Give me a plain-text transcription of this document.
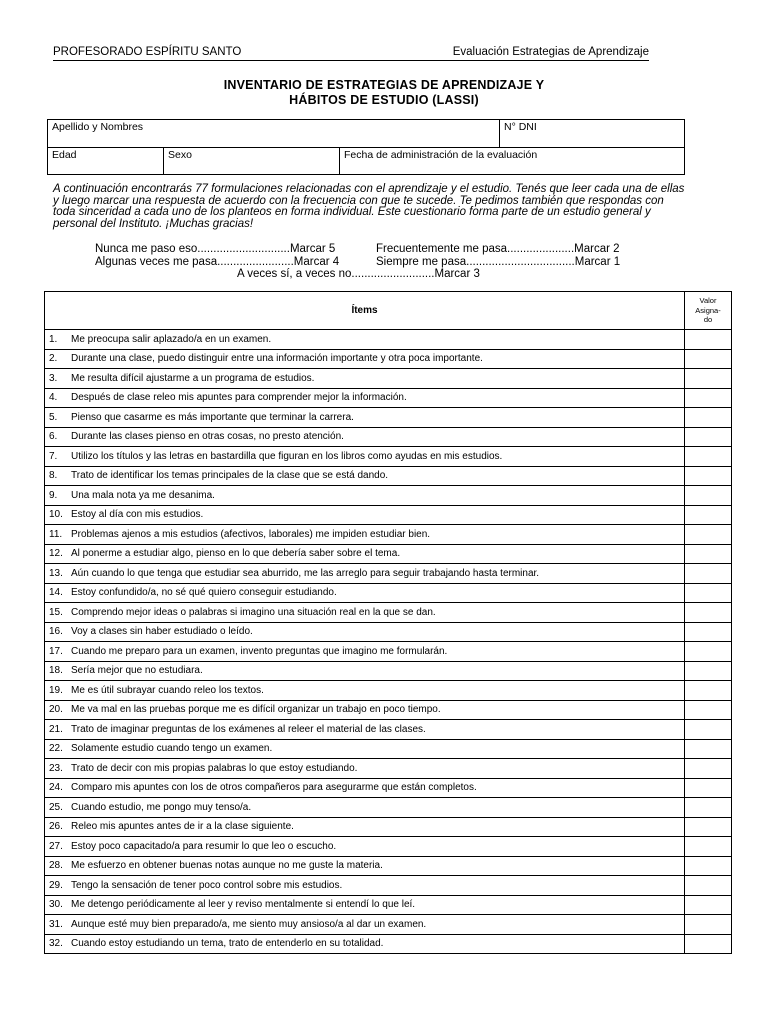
PROFESORADO ESPÍRITU SANTO	Evaluación Estrategias de Aprendizaje
INVENTARIO DE ESTRATEGIAS DE APRENDIZAJE Y
HÁBITOS DE ESTUDIO (LASSI)
Apellido y Nombres			N° DNI
Edad	Sexo	Fecha de administración de la evaluación	
A continuación encontrarás 77 formulaciones relacionadas con el aprendizaje y el estudio. Tenés que leer cada una de ellas y luego marcar una respuesta de acuerdo con la frecuencia con que te sucede. Te pedimos también que respondas con toda sinceridad a cada uno de los planteos en forma individual. Este cuestionario forma parte de un estudio general y personal del Instituto. ¡Muchas gracias!
Nunca me paso eso.............................Marcar 5	Frecuentemente me pasa.....................Marcar 2
Algunas veces me pasa........................Marcar 4	Siempre me pasa..................................Marcar 1
A veces sí, a veces no..........................Marcar 3
Ítems	Valor
Asigna-
do

1. Me preocupa salir aplazado/a en un examen.	
2. Durante una clase, puedo distinguir entre una información importante y otra poca importante.	
3. Me resulta difícil ajustarme a un programa de estudios.	
4. Después de clase releo mis apuntes para comprender mejor la información.	
5. Pienso que casarme es más importante que terminar la carrera.	
6. Durante las clases pienso en otras cosas, no presto atención.	
7. Utilizo los títulos y las letras en bastardilla que figuran en los libros como ayudas en mis estudios.	
8. Trato de identificar los temas principales de la clase que se está dando.	
9. Una mala nota ya me desanima.	
10. Estoy al día con mis estudios.	
11. Problemas ajenos a mis estudios (afectivos, laborales) me impiden estudiar bien.	
12. Al ponerme a estudiar algo, pienso en lo que debería saber sobre el tema.	
13. Aún cuando lo que tenga que estudiar sea aburrido, me las arreglo para seguir trabajando hasta terminar.	
14. Estoy confundido/a, no sé qué quiero conseguir estudiando.	
15. Comprendo mejor ideas o palabras si imagino una situación real en la que se dan.	
16. Voy a clases sin haber estudiado o leído.	
17. Cuando me preparo para un examen, invento preguntas que imagino me formularán.	
18. Sería mejor que no estudiara.	
19. Me es útil subrayar cuando releo los textos.	
20. Me va mal en las pruebas porque me es difícil organizar un trabajo en poco tiempo.	
21. Trato de imaginar preguntas de los exámenes al releer el material de las clases.	
22. Solamente estudio cuando tengo un examen.	
23. Trato de decir con mis propias palabras lo que estoy estudiando.	
24. Comparo mis apuntes con los de otros compañeros para asegurarme que están completos.	
25. Cuando estudio, me pongo muy tenso/a.	
26. Releo mis apuntes antes de ir a la clase siguiente.	
27. Estoy poco capacitado/a para resumir lo que leo o escucho.	
28. Me esfuerzo en obtener buenas notas aunque no me guste la materia.	
29. Tengo la sensación de tener poco control sobre mis estudios.	
30. Me detengo periódicamente al leer y reviso mentalmente si entendí lo que leí.	
31. Aunque esté muy bien preparado/a, me siento muy ansioso/a al dar un examen.	
32. Cuando estoy estudiando un tema, trato de entenderlo en su totalidad.	
